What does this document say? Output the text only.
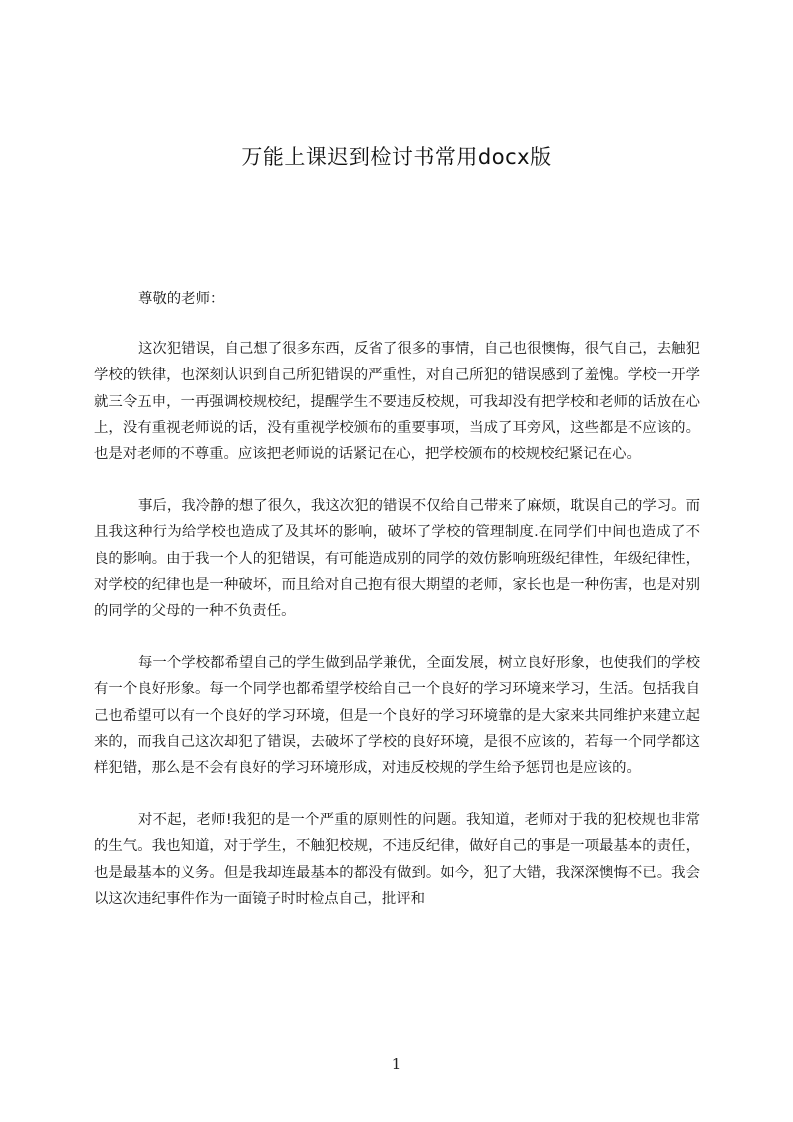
万能上课迟到检讨书常用docx版

尊敬的老师：

这次犯错误，自己想了很多东西，反省了很多的事情，自己也很懊悔，很气自己，去触犯学校的铁律，也深刻认识到自己所犯错误的严重性，对自己所犯的错误感到了羞愧。学校一开学就三令五申，一再强调校规校纪，提醒学生不要违反校规，可我却没有把学校和老师的话放在心上，没有重视老师说的话，没有重视学校颁布的重要事项，当成了耳旁风，这些都是不应该的。也是对老师的不尊重。应该把老师说的话紧记在心，把学校颁布的校规校纪紧记在心。

事后，我冷静的想了很久，我这次犯的错误不仅给自己带来了麻烦，耽误自己的学习。而且我这种行为给学校也造成了及其坏的影响，破坏了学校的管理制度.在同学们中间也造成了不良的影响。由于我一个人的犯错误，有可能造成别的同学的效仿影响班级纪律性，年级纪律性，对学校的纪律也是一种破坏，而且给对自己抱有很大期望的老师，家长也是一种伤害，也是对别的同学的父母的一种不负责任。

每一个学校都希望自己的学生做到品学兼优，全面发展，树立良好形象，也使我们的学校有一个良好形象。每一个同学也都希望学校给自己一个良好的学习环境来学习，生活。包括我自己也希望可以有一个良好的学习环境，但是一个良好的学习环境靠的是大家来共同维护来建立起来的，而我自己这次却犯了错误，去破坏了学校的良好环境，是很不应该的，若每一个同学都这样犯错，那么是不会有良好的学习环境形成，对违反校规的学生给予惩罚也是应该的。

对不起，老师!我犯的是一个严重的原则性的问题。我知道，老师对于我的犯校规也非常的生气。我也知道，对于学生，不触犯校规，不违反纪律，做好自己的事是一项最基本的责任，也是最基本的义务。但是我却连最基本的都没有做到。如今，犯了大错，我深深懊悔不已。我会以这次违纪事件作为一面镜子时时检点自己，批评和

1
